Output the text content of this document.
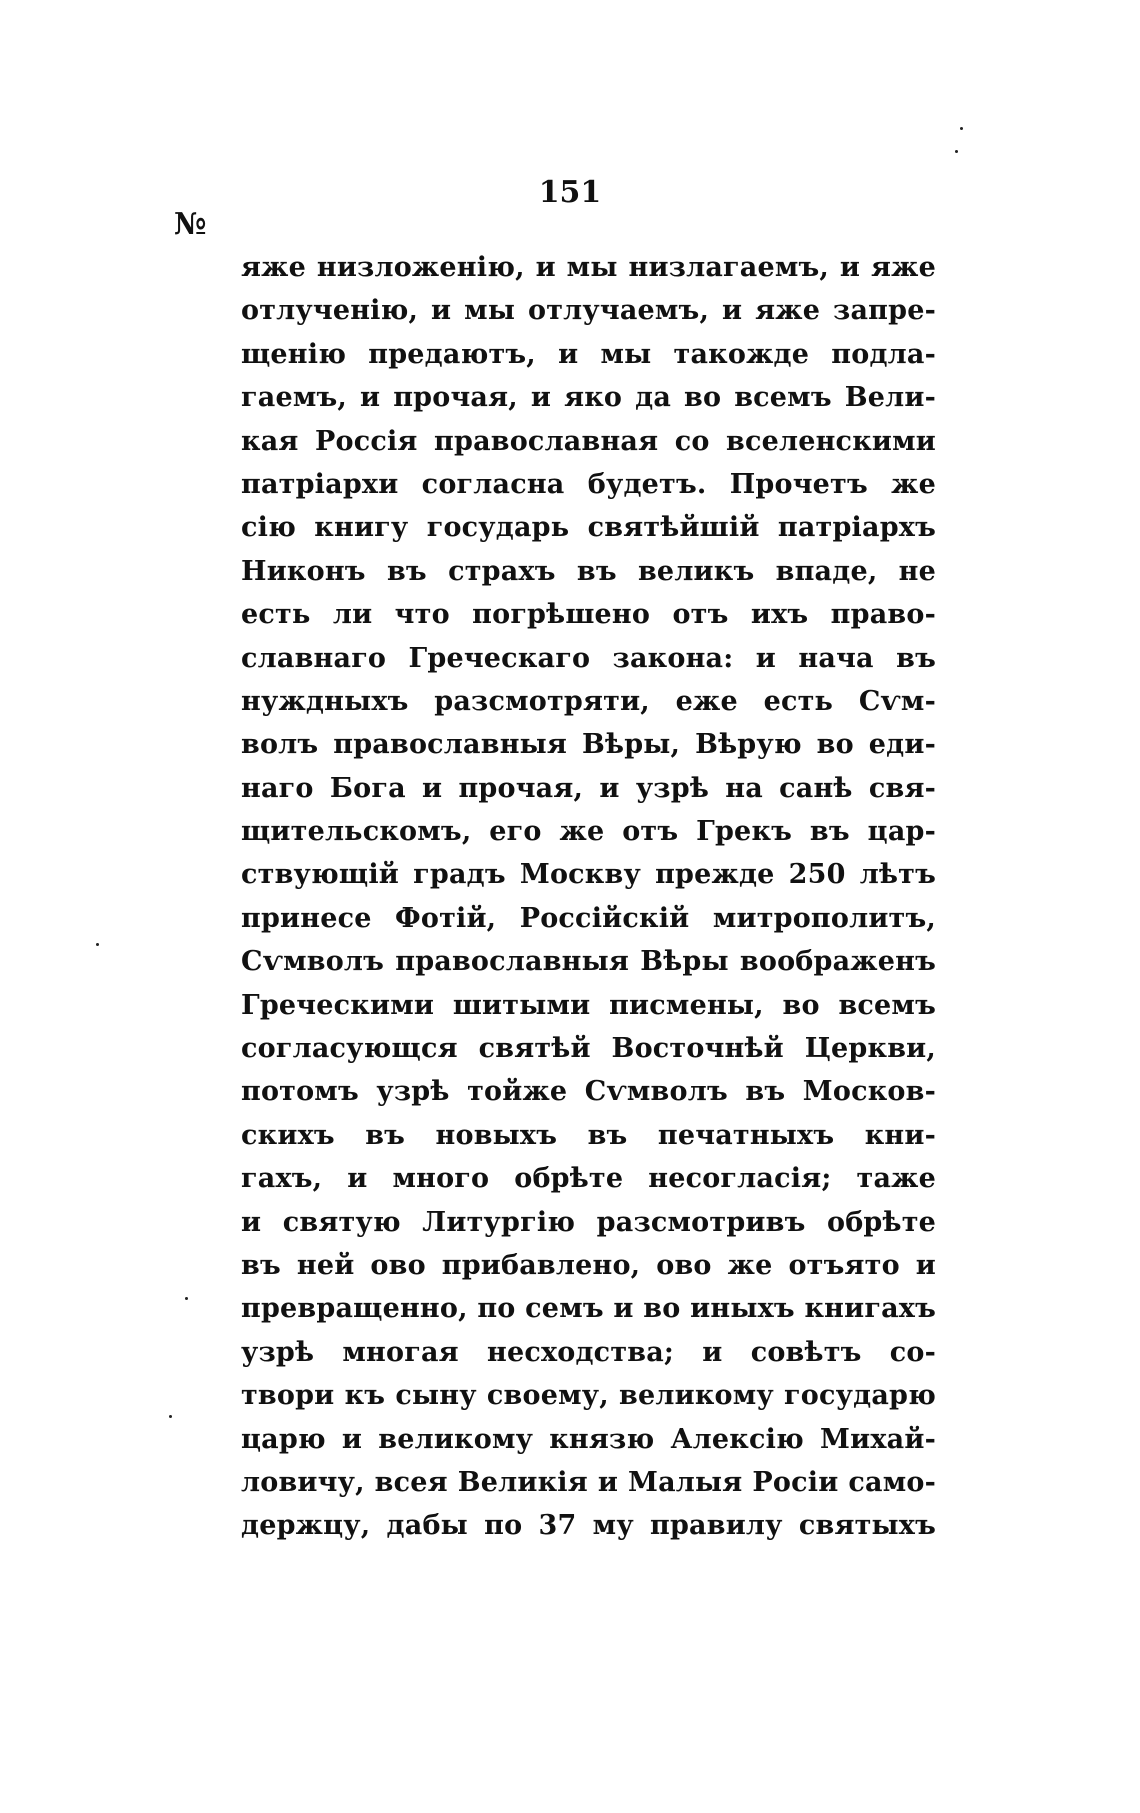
151
№
яже низложенію, и мы низлагаемъ, и яже
отлученію, и мы отлучаемъ, и яже запре-
щенію предаютъ, и мы такожде подла-
гаемъ, и прочая, и яко да во всемъ Вели-
кая Россія православная со вселенскими
патріархи согласна будетъ. Прочетъ же
сію книгу государь святѣйшій патріархъ
Никонъ въ страхъ въ великъ впаде, не
есть ли что погрѣшено отъ ихъ право-
славнаго Греческаго закона: и нача въ
нуждныхъ разсмотряти, еже есть Сѵм-
волъ православныя Вѣры, Вѣрую во еди-
наго Бога и прочая, и узрѣ на санѣ свя-
щительскомъ, его же отъ Грекъ въ цар-
ствующій градъ Москву прежде 250 лѣтъ
принесе Фотій, Россійскій митрополитъ,
Сѵмволъ православныя Вѣры воображенъ
Греческими шитыми писмены, во всемъ
согласующся святѣй Восточнѣй Церкви,
потомъ узрѣ тойже Сѵмволъ въ Москов-
скихъ въ новыхъ въ печатныхъ кни-
гахъ, и много обрѣте несогласія; таже
и святую Литургію разсмотривъ обрѣте
въ ней ово прибавлено, ово же отъято и
превращенно, по семъ и во иныхъ книгахъ
узрѣ многая несходства; и совѣтъ со-
твори къ сыну своему, великому государю
царю и великому князю Алексію Михай-
ловичу, всея Великія и Малыя Росіи само-
держцу, дабы по 37 му правилу святыхъ
